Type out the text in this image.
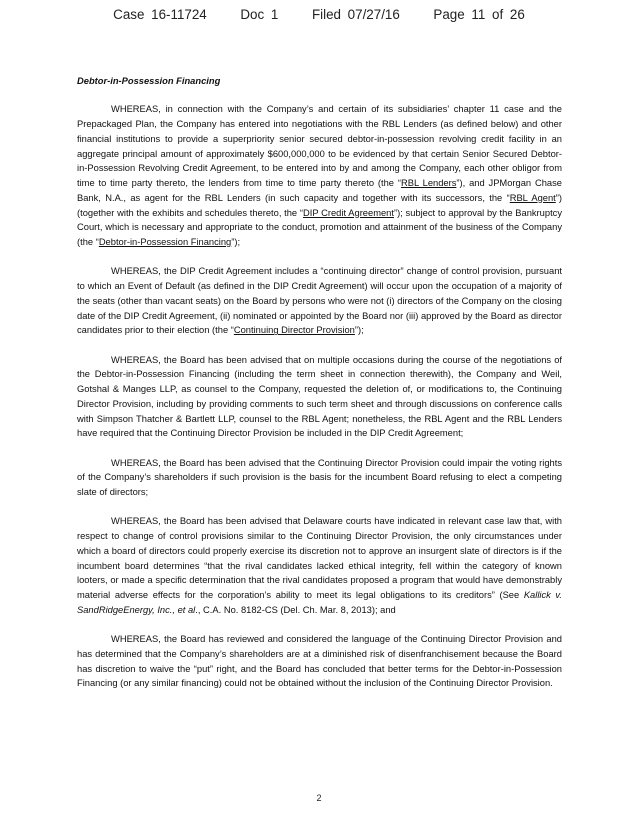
Case 16-11724	Doc 1	Filed 07/27/16	Page 11 of 26

Debtor-in-Possession Financing

WHEREAS, in connection with the Company’s and certain of its subsidiaries’ chapter 11 case and the Prepackaged Plan, the Company has entered into negotiations with the RBL Lenders (as defined below) and other financial institutions to provide a superpriority senior secured debtor-in-possession revolving credit facility in an aggregate principal amount of approximately $600,000,000 to be evidenced by that certain Senior Secured Debtor-in-Possession Revolving Credit Agreement, to be entered into by and among the Company, each other obligor from time to time party thereto, the lenders from time to time party thereto (the “RBL Lenders”), and JPMorgan Chase Bank, N.A., as agent for the RBL Lenders (in such capacity and together with its successors, the “RBL Agent”) (together with the exhibits and schedules thereto, the “DIP Credit Agreement”); subject to approval by the Bankruptcy Court, which is necessary and appropriate to the conduct, promotion and attainment of the business of the Company (the “Debtor-in-Possession Financing”);

WHEREAS, the DIP Credit Agreement includes a “continuing director” change of control provision, pursuant to which an Event of Default (as defined in the DIP Credit Agreement) will occur upon the occupation of a majority of the seats (other than vacant seats) on the Board by persons who were not (i) directors of the Company on the closing date of the DIP Credit Agreement, (ii) nominated or appointed by the Board nor (iii) approved by the Board as director candidates prior to their election (the “Continuing Director Provision”);

WHEREAS, the Board has been advised that on multiple occasions during the course of the negotiations of the Debtor-in-Possession Financing (including the term sheet in connection therewith), the Company and Weil, Gotshal & Manges LLP, as counsel to the Company, requested the deletion of, or modifications to, the Continuing Director Provision, including by providing comments to such term sheet and through discussions on conference calls with Simpson Thatcher & Bartlett LLP, counsel to the RBL Agent; nonetheless, the RBL Agent and the RBL Lenders have required that the Continuing Director Provision be included in the DIP Credit Agreement;

WHEREAS, the Board has been advised that the Continuing Director Provision could impair the voting rights of the Company’s shareholders if such provision is the basis for the incumbent Board refusing to elect a competing slate of directors;

WHEREAS, the Board has been advised that Delaware courts have indicated in relevant case law that, with respect to change of control provisions similar to the Continuing Director Provision, the only circumstances under which a board of directors could properly exercise its discretion not to approve an insurgent slate of directors is if the incumbent board determines “that the rival candidates lacked ethical integrity, fell within the category of known looters, or made a specific determination that the rival candidates proposed a program that would have demonstrably material adverse effects for the corporation’s ability to meet its legal obligations to its creditors” (See Kallick v. SandRidgeEnergy, Inc., et al., C.A. No. 8182-CS (Del. Ch. Mar. 8, 2013); and

WHEREAS, the Board has reviewed and considered the language of the Continuing Director Provision and has determined that the Company’s shareholders are at a diminished risk of disenfranchisement because the Board has discretion to waive the “put” right, and the Board has concluded that better terms for the Debtor-in-Possession Financing (or any similar financing) could not be obtained without the inclusion of the Continuing Director Provision.

2
